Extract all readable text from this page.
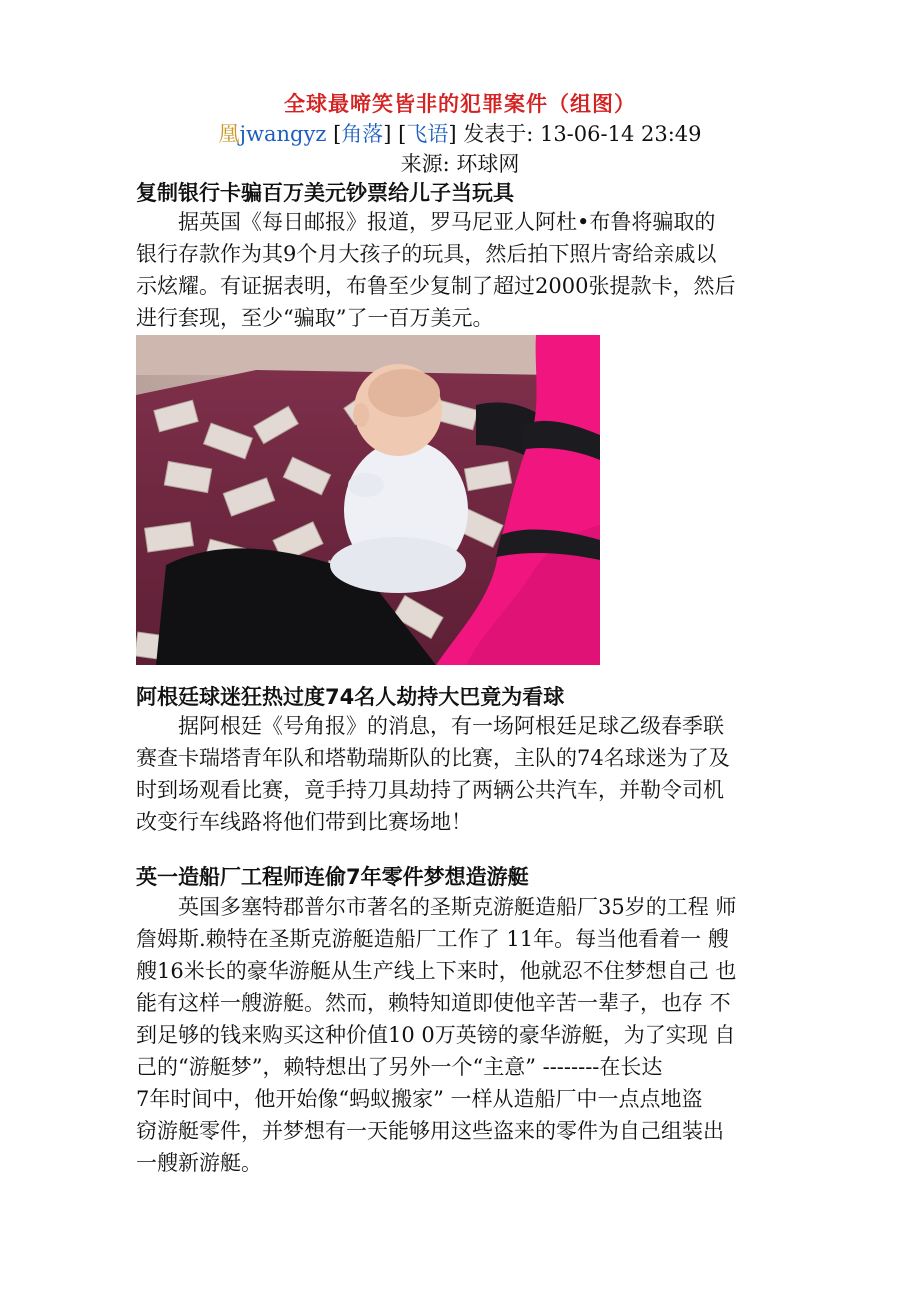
全球最啼笑皆非的犯罪案件（组图）
凰jwangyz [角落] [飞语] 发表于: 13-06-14 23:49
来源: 环球网
复制银行卡骗百万美元钞票给儿子当玩具
　　据英国《每日邮报》报道，罗马尼亚人阿杜•布鲁将骗取的
银行存款作为其9个月大孩子的玩具，然后拍下照片寄给亲戚以
示炫耀。有证据表明，布鲁至少复制了超过2000张提款卡，然后
进行套现，至少“骗取”了一百万美元。
阿根廷球迷狂热过度74名人劫持大巴竟为看球
　　据阿根廷《号角报》的消息，有一场阿根廷足球乙级春季联
赛查卡瑞塔青年队和塔勒瑞斯队的比赛，主队的74名球迷为了及
时到场观看比赛，竟手持刀具劫持了两辆公共汽车，并勒令司机
改变行车线路将他们带到比赛场地！
英一造船厂工程师连偷7年零件梦想造游艇
　　英国多塞特郡普尔市著名的圣斯克游艇造船厂35岁的工程 师
詹姆斯.赖特在圣斯克游艇造船厂工作了 11年。每当他看着一 艘
艘16米长的豪华游艇从生产线上下来时，他就忍不住梦想自己 也
能有这样一艘游艇。然而，赖特知道即使他辛苦一辈子，也存 不
到足够的钱来购买这种价值10 0万英镑的豪华游艇，为了实现 自
己的“游艇梦”，赖特想出了另外一个“主意” --------在长达
7年时间中，他开始像“蚂蚁搬家” 一样从造船厂中一点点地盗
窃游艇零件，并梦想有一天能够用这些盗来的零件为自己组装出
一艘新游艇。
